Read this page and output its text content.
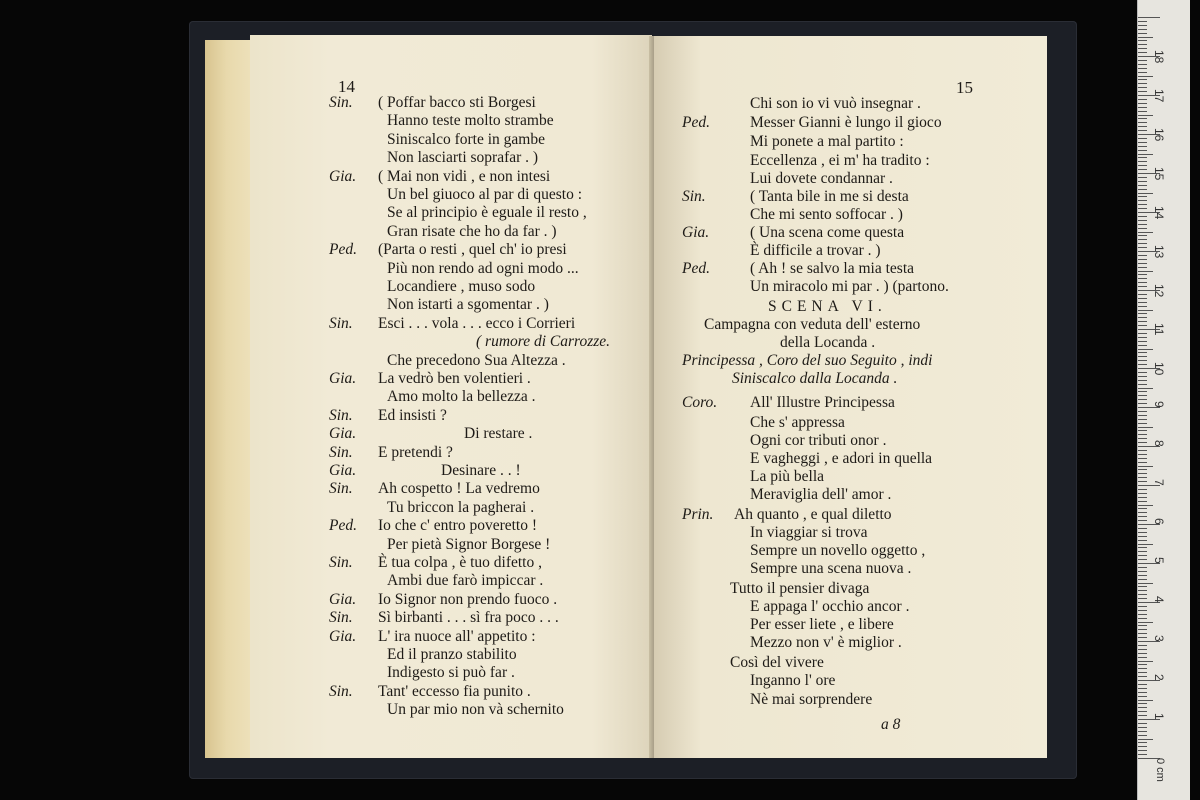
14
Sin. ( Poffar bacco sti Borgesi
Hanno teste molto strambe
Siniscalco forte in gambe
Non lasciarti soprafar . )
Gia. ( Mai non vidi , e non intesi
Un bel giuoco al par di questo :
Se al principio è eguale il resto ,
Gran risate che ho da far . )
Ped. (Parta o resti , quel ch' io presi
Più non rendo ad ogni modo ...
Locandiere , muso sodo
Non istarti a sgomentar . )
Sin. Esci . . . vola . . . ecco i Corrieri
( rumore di Carrozze.
Che precedono Sua Altezza .
Gia. La vedrò ben volentieri .
Amo molto la bellezza .
Sin. Ed insisti ?
Gia.	Di restare .
Sin. E pretendi ?
Gia.	Desinare . . !
Sin. Ah cospetto ! La vedremo
Tu briccon la pagherai .
Ped. Io che c' entro poveretto !
Per pietà Signor Borgese !
Sin. È tua colpa , è tuo difetto ,
Ambi due farò impiccar .
Gia. Io Signor non prendo fuoco .
Sin. Sì birbanti . . . sì fra poco . . .
Gia. L' ira nuoce all' appetito :
Ed il pranzo stabilito
Indigesto si può far .
Sin. Tant' eccesso fia punito .
Un par mio non và schernito
15
a 8
Chi son io vi vuò insegnar .
Ped.	Messer Gianni è lungo il gioco
Mi ponete a mal partito :
Eccellenza , ei m' ha tradito :
Lui dovete condannar .
Sin.	( Tanta bile in me si desta
Che mi sento soffocar . )
Gia.	( Una scena come questa
È difficile a trovar . )
Ped.	( Ah ! se salvo la mia testa
Un miracolo mi par . ) (partono.
SCENA VI.
Campagna con veduta dell' esterno
della Locanda .
Principessa , Coro del suo Seguito , indi
Siniscalco dalla Locanda .
Coro. All' Illustre Principessa
Che s' appressa
Ogni cor tributi onor .
E vagheggi , e adori in quella
La più bella
Meraviglia dell' amor .
Prin. Ah quanto , e qual diletto
In viaggiar si trova
Sempre un novello oggetto ,
Sempre una scena nuova .
Tutto il pensier divaga
E appaga l' occhio ancor .
Per esser liete , e libere
Mezzo non v' è miglior .
Così del vivere
Inganno l' ore
Nè mai sorprendere
1
2
3
4
5
6
7
8
9
10
11
12
13
14
15
16
17
18
0 cm
